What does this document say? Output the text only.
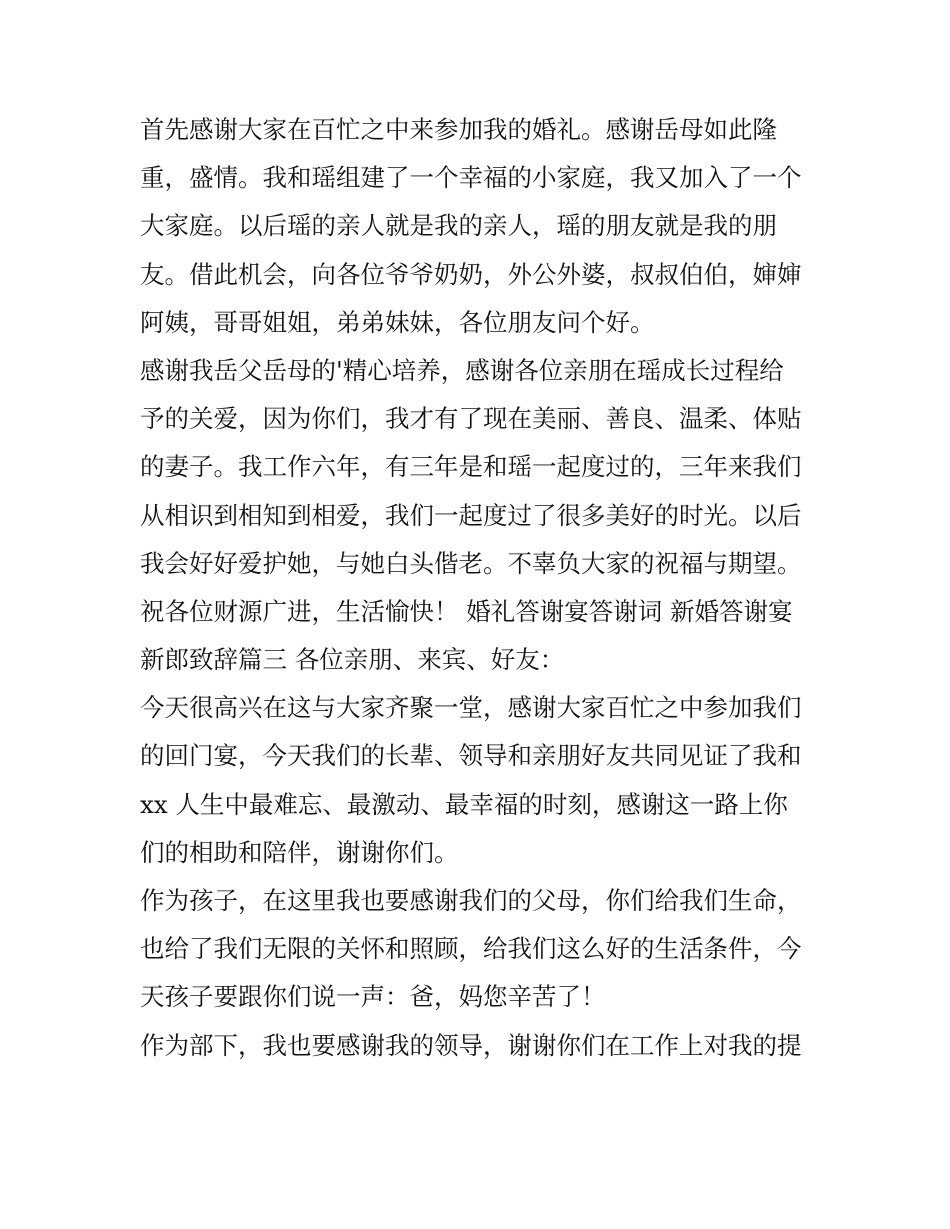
首先感谢大家在百忙之中来参加我的婚礼。感谢岳母如此隆
重，盛情。我和瑶组建了一个幸福的小家庭，我又加入了一个
大家庭。以后瑶的亲人就是我的亲人，瑶的朋友就是我的朋
友。借此机会，向各位爷爷奶奶，外公外婆，叔叔伯伯，婶婶
阿姨，哥哥姐姐，弟弟妹妹，各位朋友问个好。
感谢我岳父岳母的'精心培养，感谢各位亲朋在瑶成长过程给
予的关爱，因为你们，我才有了现在美丽、善良、温柔、体贴
的妻子。我工作六年，有三年是和瑶一起度过的，三年来我们
从相识到相知到相爱，我们一起度过了很多美好的时光。以后
我会好好爱护她，与她白头偕老。不辜负大家的祝福与期望。
祝各位财源广进，生活愉快！ 婚礼答谢宴答谢词 新婚答谢宴
新郎致辞篇三 各位亲朋、来宾、好友：
今天很高兴在这与大家齐聚一堂，感谢大家百忙之中参加我们
的回门宴，今天我们的长辈、领导和亲朋好友共同见证了我和
xx 人生中最难忘、最激动、最幸福的时刻，感谢这一路上你
们的相助和陪伴，谢谢你们。
作为孩子，在这里我也要感谢我们的父母，你们给我们生命，
也给了我们无限的关怀和照顾，给我们这么好的生活条件，今
天孩子要跟你们说一声：爸，妈您辛苦了！
作为部下，我也要感谢我的领导，谢谢你们在工作上对我的提
